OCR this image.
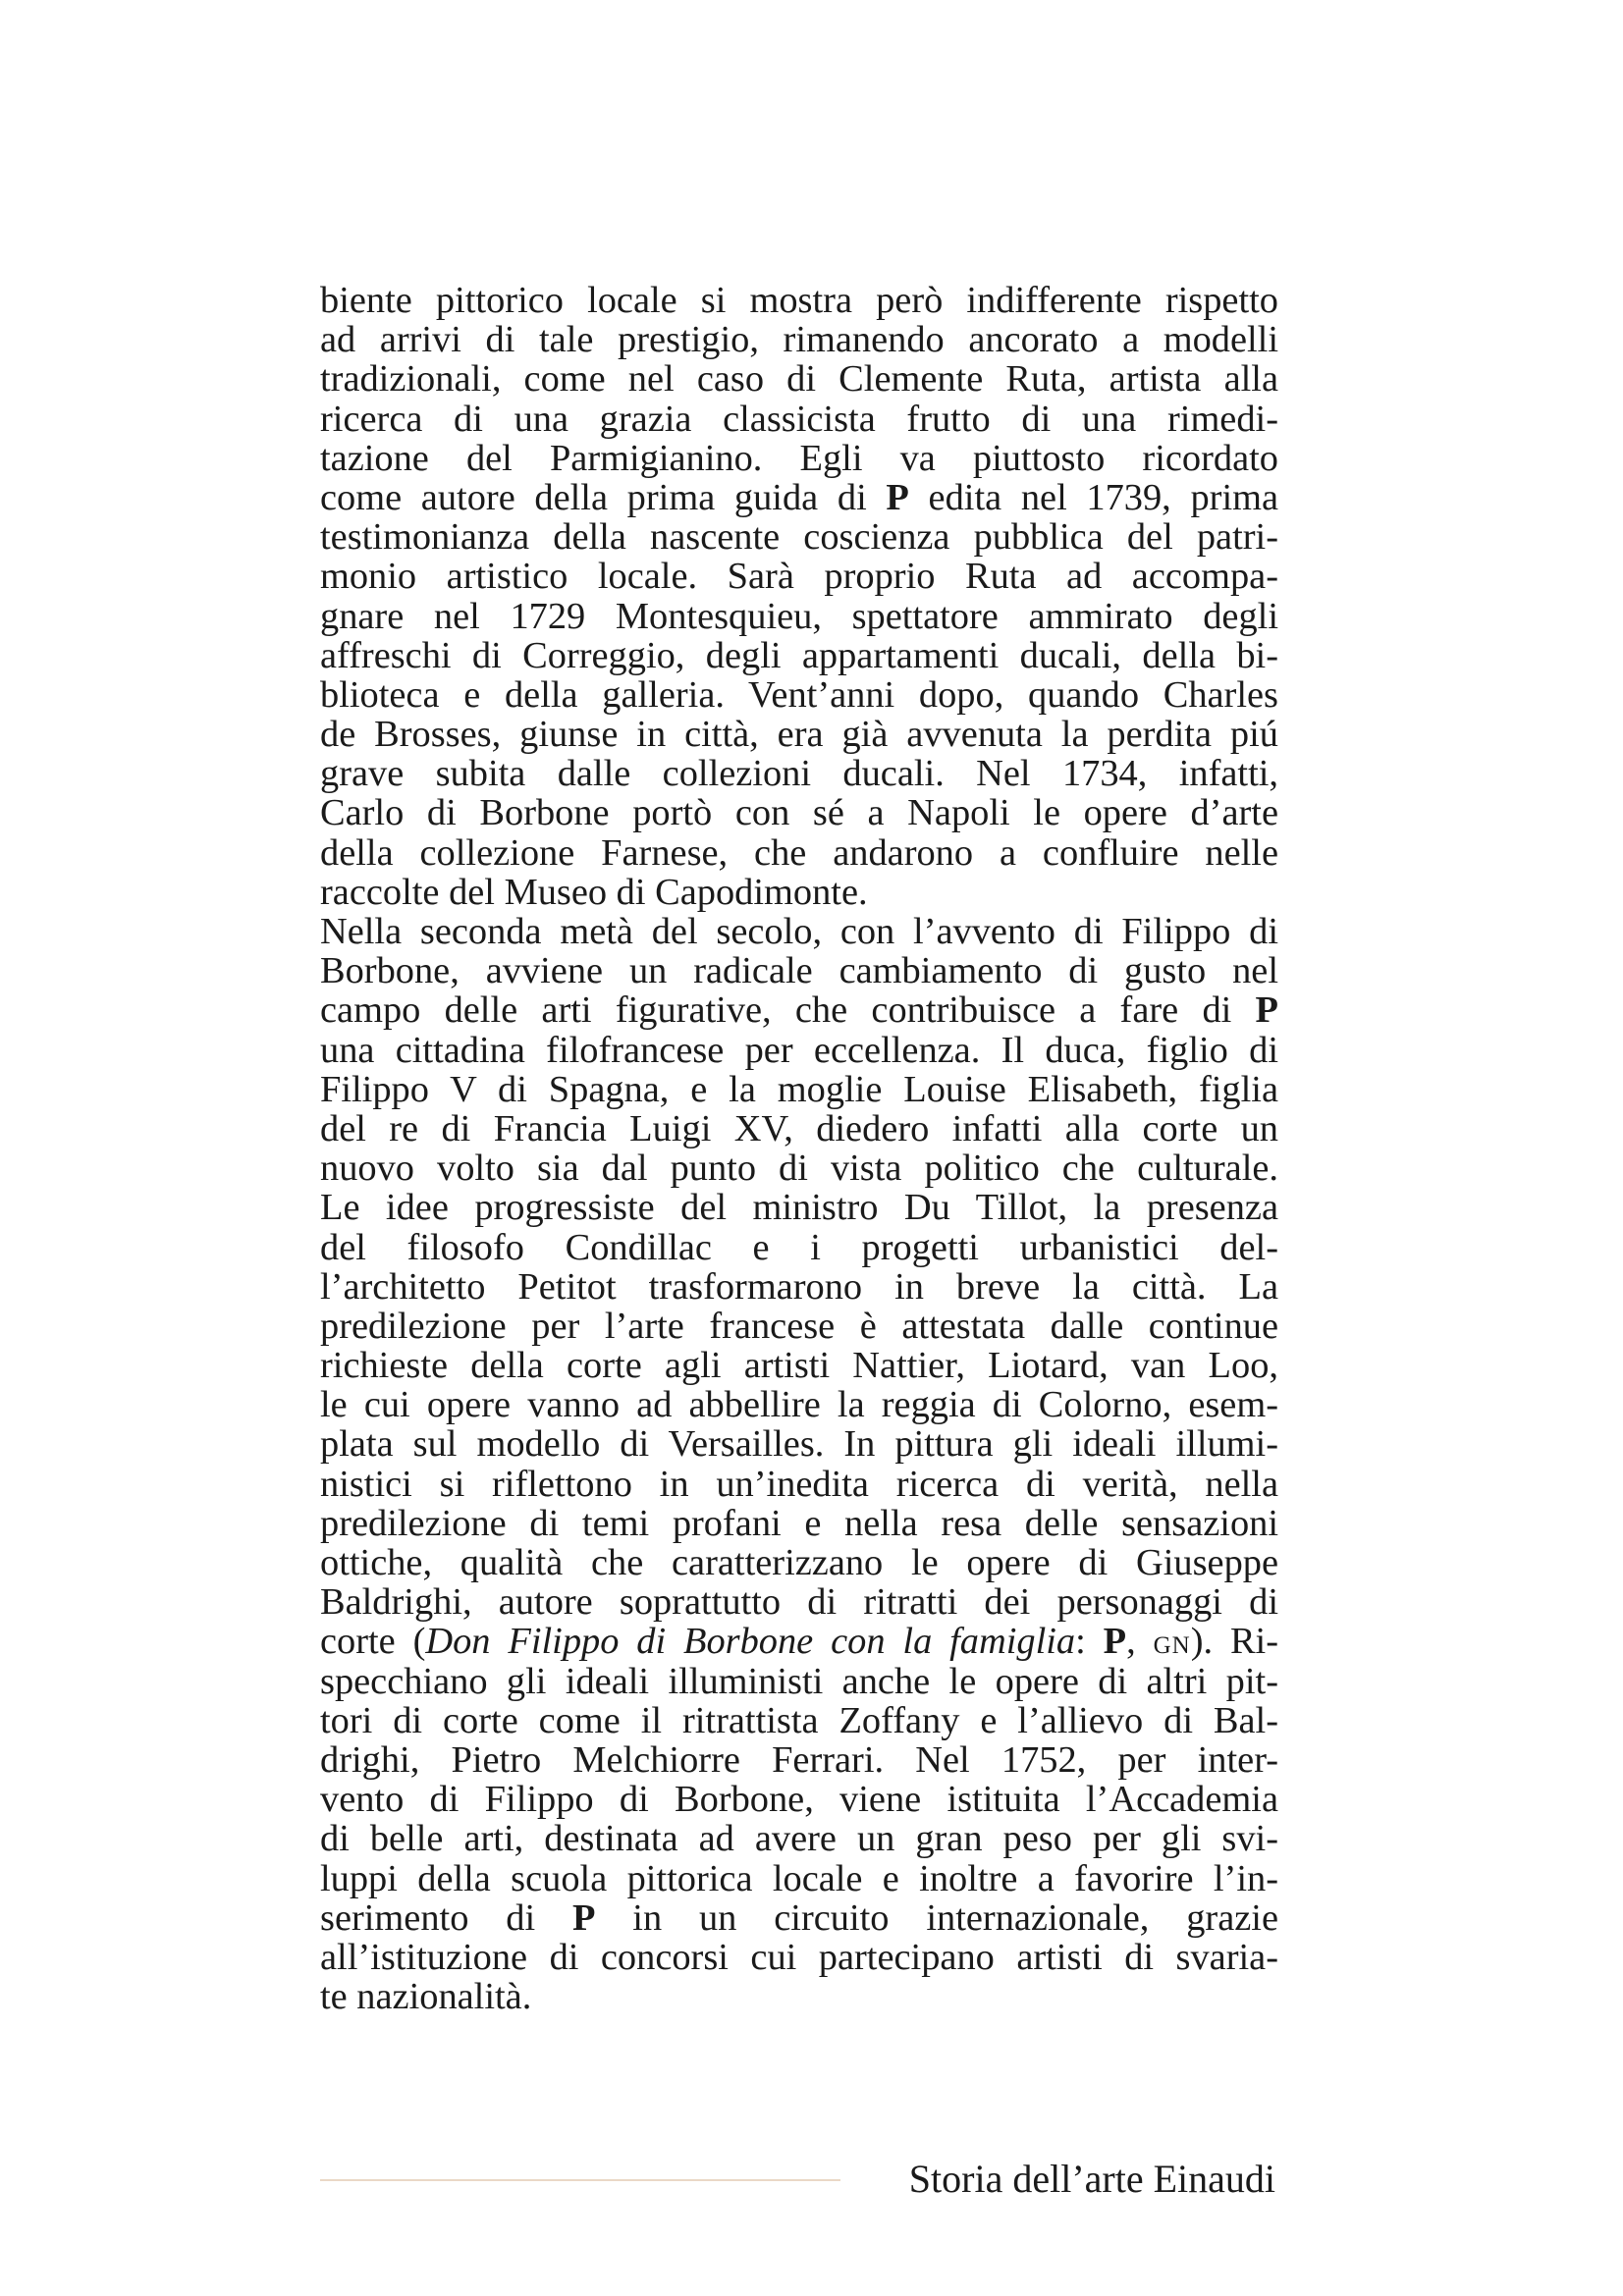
biente pittorico locale si mostra però indifferente rispetto
ad arrivi di tale prestigio, rimanendo ancorato a modelli
tradizionali, come nel caso di Clemente Ruta, artista alla
ricerca di una grazia classicista frutto di una rimedi-
tazione del Parmigianino. Egli va piuttosto ricordato
come autore della prima guida di P edita nel 1739, prima
testimonianza della nascente coscienza pubblica del patri-
monio artistico locale. Sarà proprio Ruta ad accompa-
gnare nel 1729 Montesquieu, spettatore ammirato degli
affreschi di Correggio, degli appartamenti ducali, della bi-
blioteca e della galleria. Vent’anni dopo, quando Charles
de Brosses, giunse in città, era già avvenuta la perdita piú
grave subita dalle collezioni ducali. Nel 1734, infatti,
Carlo di Borbone portò con sé a Napoli le opere d’arte
della collezione Farnese, che andarono a confluire nelle
raccolte del Museo di Capodimonte.
Nella seconda metà del secolo, con l’avvento di Filippo di
Borbone, avviene un radicale cambiamento di gusto nel
campo delle arti figurative, che contribuisce a fare di P
una cittadina filofrancese per eccellenza. Il duca, figlio di
Filippo V di Spagna, e la moglie Louise Elisabeth, figlia
del re di Francia Luigi XV, diedero infatti alla corte un
nuovo volto sia dal punto di vista politico che culturale.
Le idee progressiste del ministro Du Tillot, la presenza
del filosofo Condillac e i progetti urbanistici del-
l’architetto Petitot trasformarono in breve la città. La
predilezione per l’arte francese è attestata dalle continue
richieste della corte agli artisti Nattier, Liotard, van Loo,
le cui opere vanno ad abbellire la reggia di Colorno, esem-
plata sul modello di Versailles. In pittura gli ideali illumi-
nistici si riflettono in un’inedita ricerca di verità, nella
predilezione di temi profani e nella resa delle sensazioni
ottiche, qualità che caratterizzano le opere di Giuseppe
Baldrighi, autore soprattutto di ritratti dei personaggi di
corte (Don Filippo di Borbone con la famiglia: P, gn). Ri-
specchiano gli ideali illuministi anche le opere di altri pit-
tori di corte come il ritrattista Zoffany e l’allievo di Bal-
drighi, Pietro Melchiorre Ferrari. Nel 1752, per inter-
vento di Filippo di Borbone, viene istituita l’Accademia
di belle arti, destinata ad avere un gran peso per gli svi-
luppi della scuola pittorica locale e inoltre a favorire l’in-
serimento di P in un circuito internazionale, grazie
all’istituzione di concorsi cui partecipano artisti di svaria-
te nazionalità.
Storia dell’arte Einaudi
